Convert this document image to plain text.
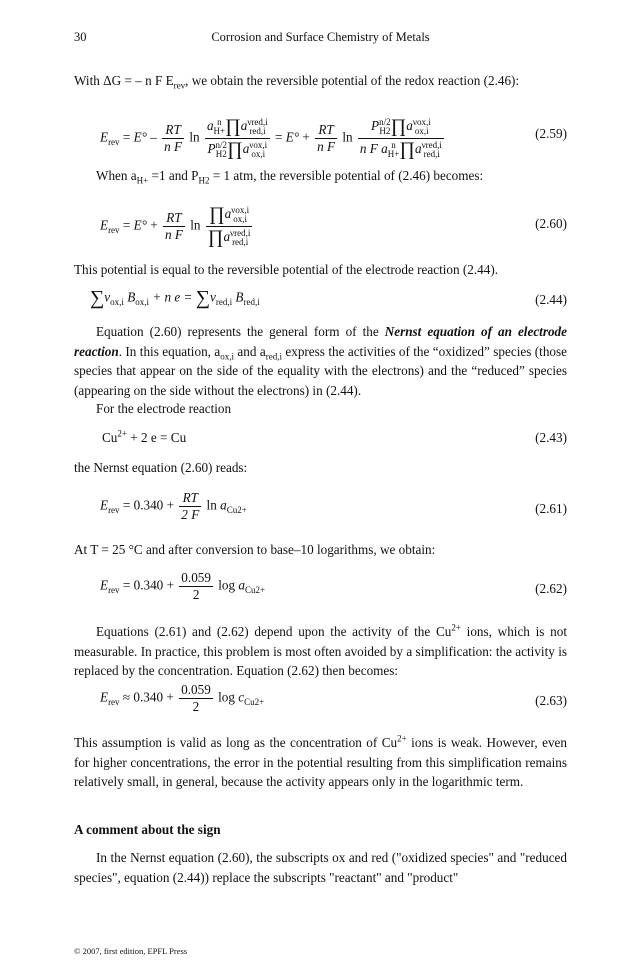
30	Corrosion and Surface Chemistry of Metals
With ΔG = – n F $E_{rev}$, we obtain the reversible potential of the redox reaction (2.46):
$E_{rev} = E^\circ - \frac{RT}{\text{n F}}$ ln
a n
H+∏aνred,i
red,i
Pn/2
H2∏aνox,i
ox,i
= $E^\circ + \frac{RT}{\text{n F}}$ ln
Pn/2
H2∏aνox,i
ox,i
n F a n
H+∏aνred,i
red,i
(2.59)
When $a_{H+} =1$ and $P_{H2} = 1$ atm, the reversible potential of (2.46) becomes:
$E_{rev} = E^\circ + \frac{RT}{\text{n F}}$ ln
∏aνox,i
ox,i
∏aνred,i
red,i
(2.60)
This potential is equal to the reversible potential of the electrode reaction (2.44).
$\sum\nu_{ox,i}$ $B_{ox,i} + n$ $e = \sum\nu_{red,i}$ $B_{red,i}$	(2.44)
Equation (2.60) represents the general form of the Nernst equation of an electrode reaction. In this equation, $a_{ox,i}$ and $a_{red,i}$ express the activities of the “oxidized” species (those species that appear on the side of the equality with the electrons) and the “reduced” species (appearing on the side without the electrons) in (2.44).
For the electrode reaction
$Cu^{2+} + 2$ e = Cu	(2.43)
the Nernst equation (2.60) reads:
$E_{rev} = 0.340 + \frac{RT}{2 F}$ $\ln a_{Cu2+}$	(2.61)
At T = 25 °C and after conversion to base–10 logarithms, we obtain:
$E_{rev} = 0.340 + \frac{0.059}{2}$ $\log a_{Cu2+}$	(2.62)
Equations (2.61) and (2.62) depend upon the activity of the $Cu^{2+}$ ions, which is not measurable. In practice, this problem is most often avoided by a simplification: the activity is replaced by the concentration. Equation (2.62) then becomes:
$E_{rev} \approx 0.340 + \frac{0.059}{2}$ $\log c_{Cu2+}$	(2.63)
This assumption is valid as long as the concentration of $Cu^{2+}$ ions is weak. However, even for higher concentrations, the error in the potential resulting from this simplification remains relatively small, in general, because the activity appears only in the logarithmic term.
A comment about the sign
In the Nernst equation (2.60), the subscripts ox and red ("oxidized species" and "reduced species", equation (2.44)) replace the subscripts "reactant" and "product"
© 2007, first edition, EPFL Press
